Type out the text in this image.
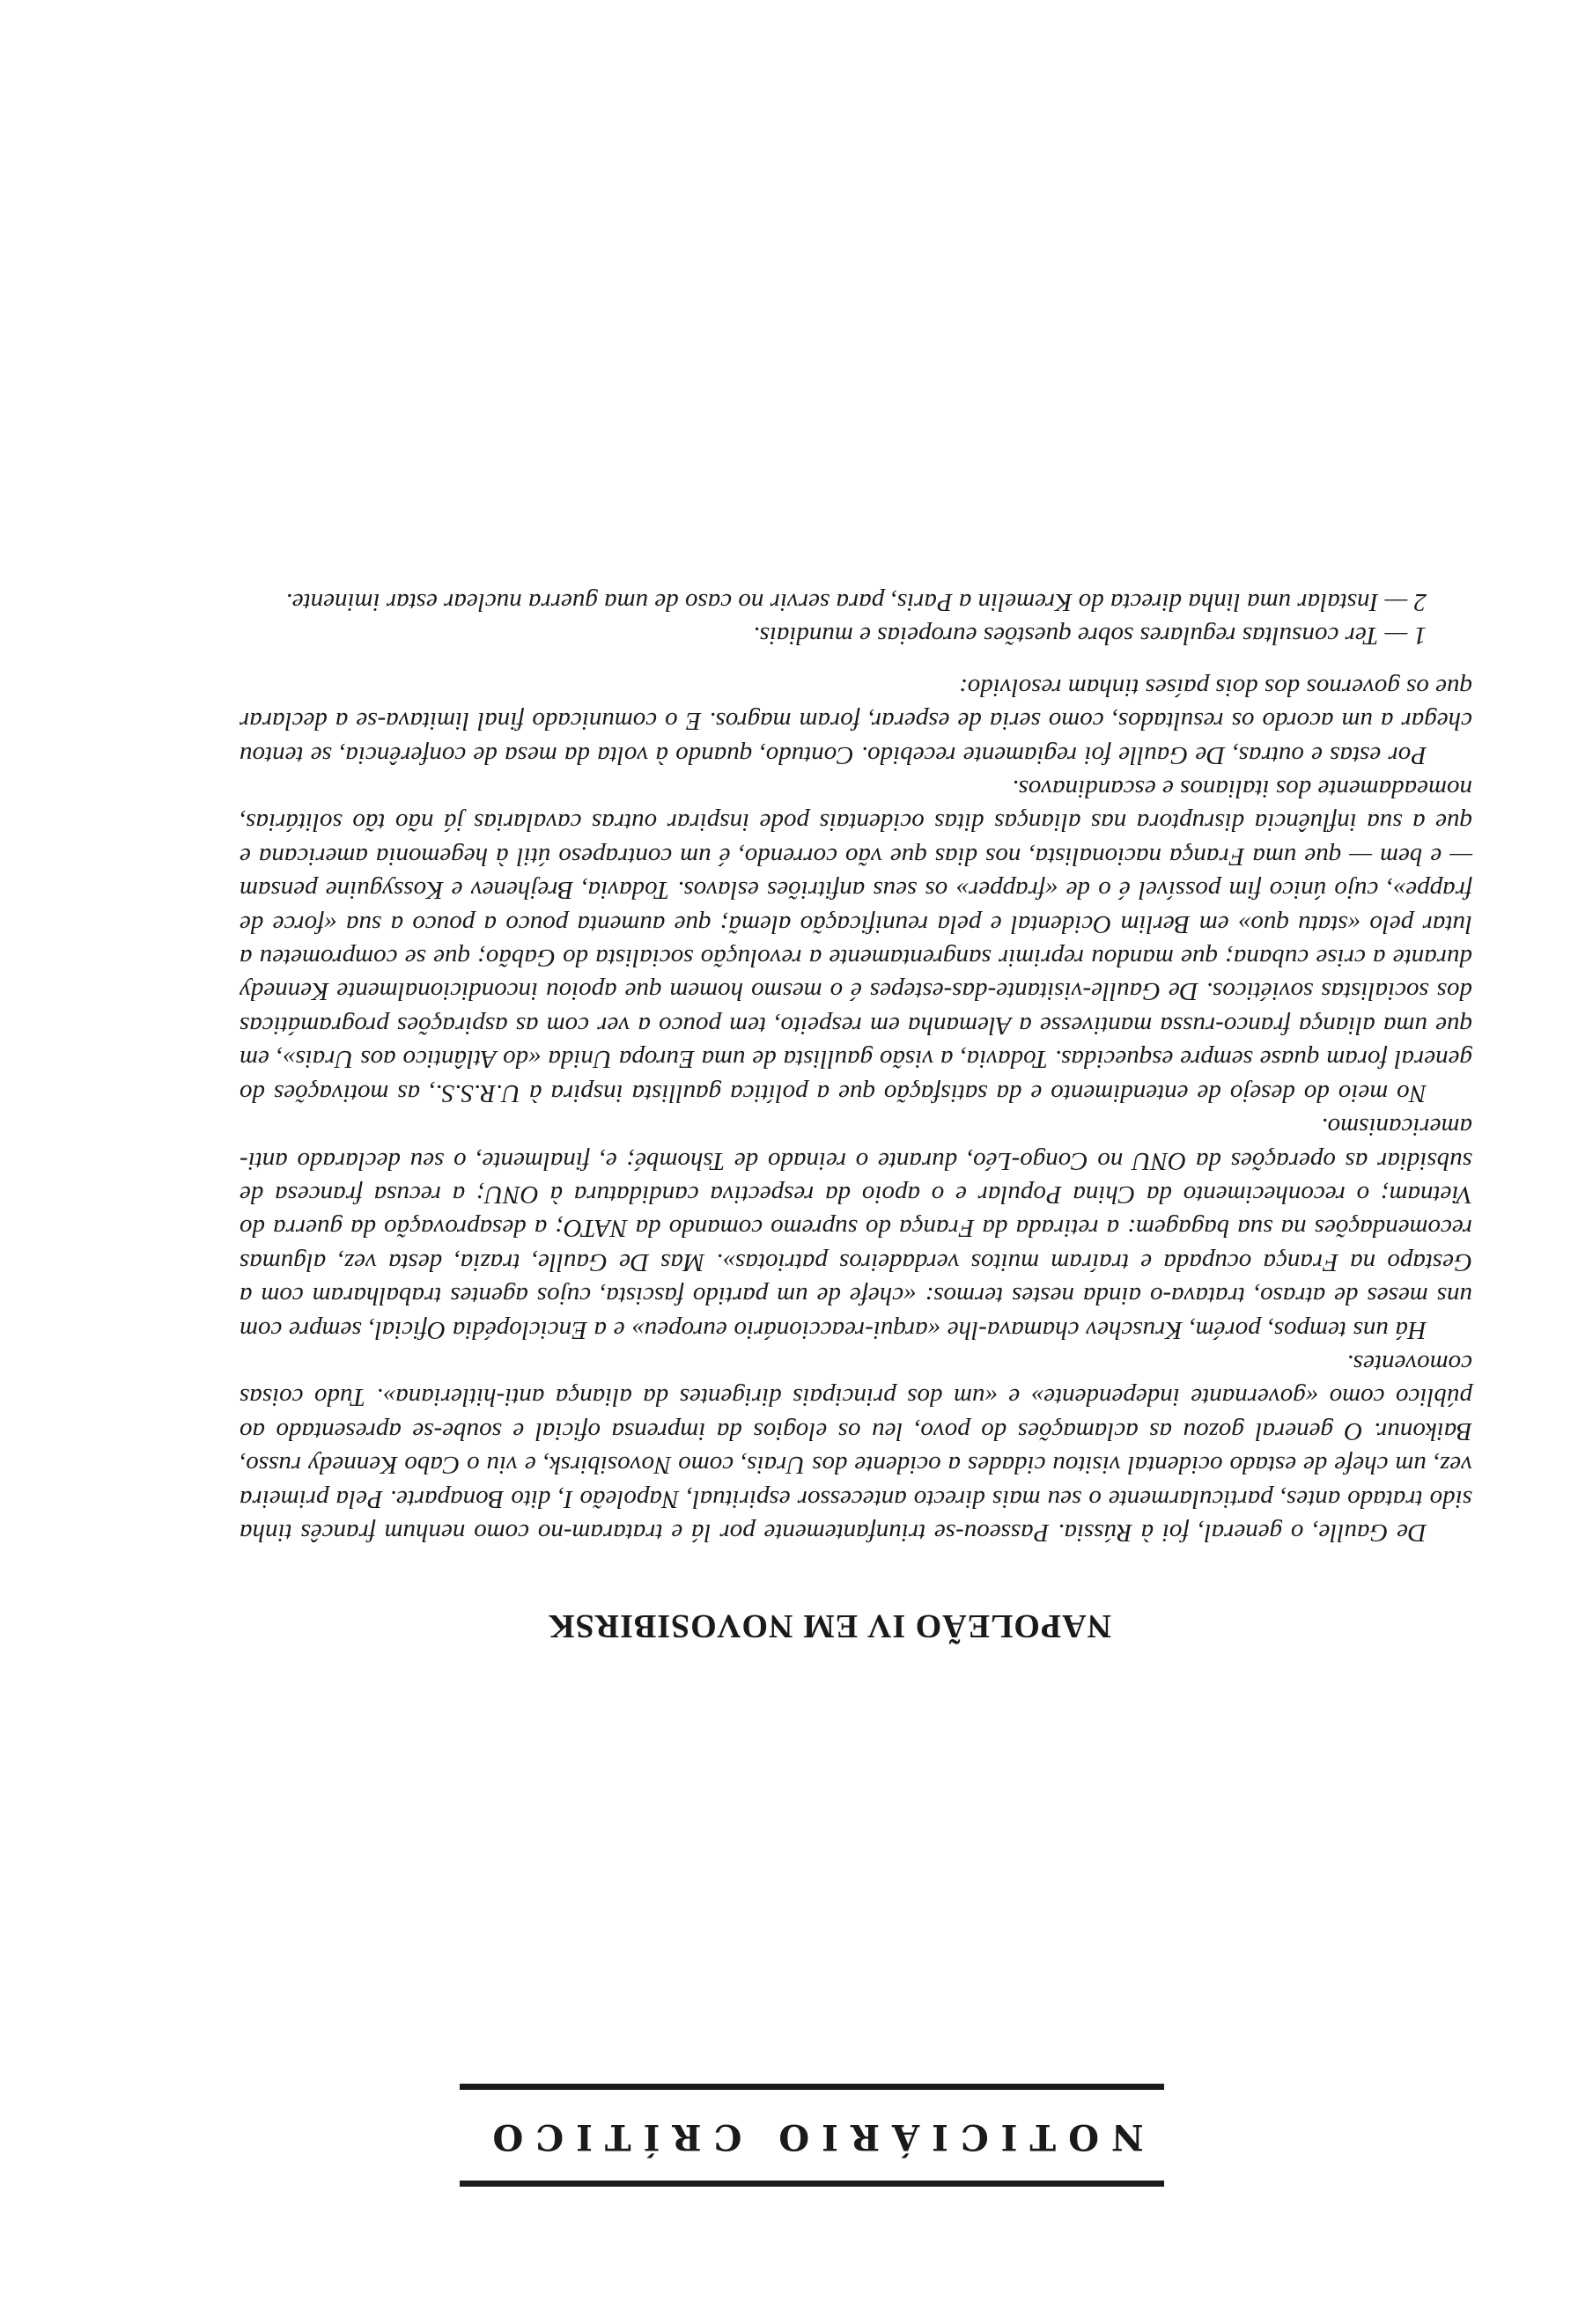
NOTICIÁRIO CRÍTICO
NAPOLEÃO IV EM NOVOSIBIRSK

De Gaulle, o general, foi à Rússia. Passeou-se triunfantemente por lá e trataram-no como nenhum francês tinha sido tratado antes, particularmente o seu mais directo antecessor espiritual, Napoleão I, dito Bonaparte. Pela primeira vez, um chefe de estado ocidental visitou cidades a ocidente dos Urais, como Novosibirsk, e viu o Cabo Kennedy russo, Baikonur. O general gozou as aclamações do povo, leu os elogios da imprensa oficial e soube-se apresentado ao público como «governante independente» e «um dos principais dirigentes da aliança anti-hitleriana». Tudo coisas comoventes.

Há uns tempos, porém, Kruschev chamava-lhe «arqui-reaccionário europeu» e a Enciclopédia Oficial, sempre com uns meses de atraso, tratava-o ainda nestes termos: «chefe de um partido fascista, cujos agentes trabalharam com a Gestapo na França ocupada e traíram muitos verdadeiros patriotas». Mas De Gaulle, trazia, desta vez, algumas recomendações na sua bagagem: a retirada da França do supremo comando da NATO; a desaprovação da guerra do Vietnam; o reconhecimento da China Popular e o apoio da respectiva candidatura à ONU; a recusa francesa de subsidiar as operações da ONU no Congo-Léo, durante o reinado de Tshombé; e, finalmente, o seu declarado anti-americanismo.

No meio do desejo de entendimento e da satisfação que a política gaullista inspira à U.R.S.S., as motivações do general foram quase sempre esquecidas. Todavia, a visão gaullista de uma Europa Unida «do Atlântico aos Urais», em que uma aliança franco-russa mantivesse a Alemanha em respeito, tem pouco a ver com as aspirações programáticas dos socialistas soviéticos. De Gaulle-visitante-das-estepes é o mesmo homem que apoiou incondicionalmente Kennedy durante a crise cubana; que mandou reprimir sangrentamente a revolução socialista do Gabão; que se comprometeu a lutar pelo «statu quo» em Berlim Ocidental e pela reunificação alemã; que aumenta pouco a pouco a sua «force de frappe», cujo único fim possível é o de «frapper» os seus anfitriões eslavos. Todavia, Brejhenev e Kossyguine pensam — e bem — que uma França nacionalista, nos dias que vão correndo, é um contrapeso útil à hegemonia americana e que a sua influência disruptora nas alianças ditas ocidentais pode inspirar outras cavalarias já não tão solitárias, nomeadamente dos italianos e escandinavos.

Por estas e outras, De Gaulle foi regiamente recebido. Contudo, quando à volta da mesa de conferência, se tentou chegar a um acordo os resultados, como seria de esperar, foram magros. E o comunicado final limitava-se a declarar que os governos dos dois países tinham resolvido:

1 — Ter consultas regulares sobre questões europeias e mundiais.

2 — Instalar uma linha directa do Kremelin a Paris, para servir no caso de uma guerra nuclear estar iminente.
